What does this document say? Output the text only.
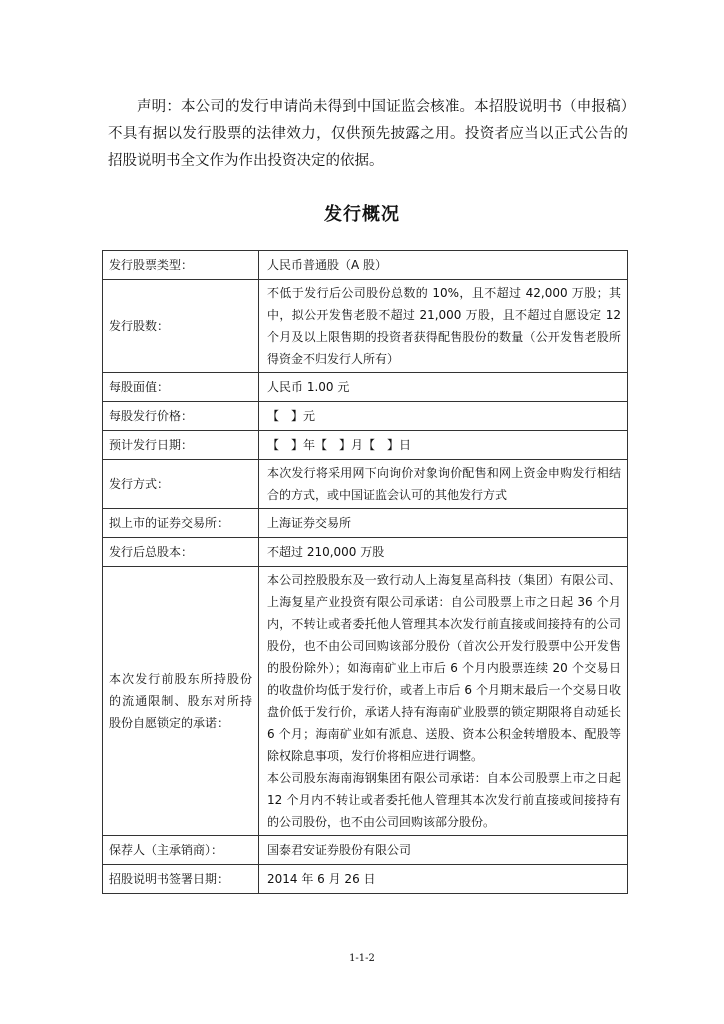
声明：本公司的发行申请尚未得到中国证监会核准。本招股说明书（申报稿）不具有据以发行股票的法律效力，仅供预先披露之用。投资者应当以正式公告的招股说明书全文作为作出投资决定的依据。

发行概况
发行股票类型：	人民币普通股（A 股）
发行股数：	不低于发行后公司股份总数的 10%，且不超过 42,000 万股；其中，拟公开发售老股不超过 21,000 万股，且不超过自愿设定 12 个月及以上限售期的投资者获得配售股份的数量（公开发售老股所得资金不归发行人所有）
每股面值：	人民币 1.00 元
每股发行价格：	【　】元
预计发行日期：	【　】年【　】月【　】日
发行方式：	本次发行将采用网下向询价对象询价配售和网上资金申购发行相结合的方式，或中国证监会认可的其他发行方式
拟上市的证券交易所：	上海证券交易所
发行后总股本：	不超过 210,000 万股
本次发行前股东所持股份的流通限制、股东对所持股份自愿锁定的承诺：	本公司控股股东及一致行动人上海复星高科技（集团）有限公司、上海复星产业投资有限公司承诺：自公司股票上市之日起 36 个月内，不转让或者委托他人管理其本次发行前直接或间接持有的公司股份，也不由公司回购该部分股份（首次公开发行股票中公开发售的股份除外）；如海南矿业上市后 6 个月内股票连续 20 个交易日的收盘价均低于发行价，或者上市后 6 个月期末最后一个交易日收盘价低于发行价，承诺人持有海南矿业股票的锁定期限将自动延长 6 个月；海南矿业如有派息、送股、资本公积金转增股本、配股等除权除息事项，发行价将相应进行调整。
本公司股东海南海钢集团有限公司承诺：自本公司股票上市之日起 12 个月内不转让或者委托他人管理其本次发行前直接或间接持有的公司股份，也不由公司回购该部分股份。

保荐人（主承销商）：	国泰君安证券股份有限公司
招股说明书签署日期：	2014 年 6 月 26 日
1-1-2
